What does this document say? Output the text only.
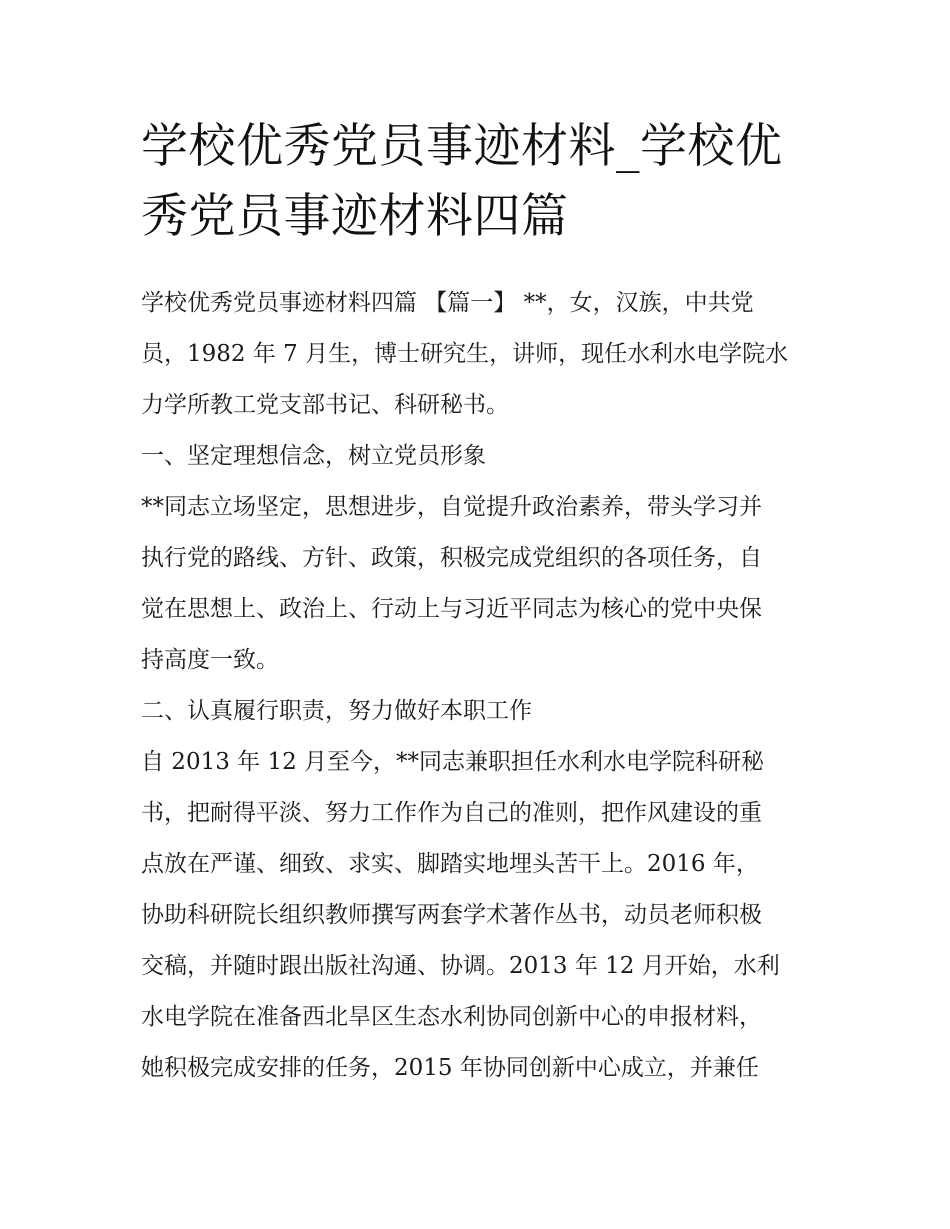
学校优秀党员事迹材料_学校优
秀党员事迹材料四篇
学校优秀党员事迹材料四篇 【篇一】 **，女，汉族，中共党
员，1982 年 7 月生，博士研究生，讲师，现任水利水电学院水
力学所教工党支部书记、科研秘书。
一、坚定理想信念，树立党员形象
**同志立场坚定，思想进步，自觉提升政治素养，带头学习并
执行党的路线、方针、政策，积极完成党组织的各项任务，自
觉在思想上、政治上、行动上与习近平同志为核心的党中央保
持高度一致。
二、认真履行职责，努力做好本职工作
自 2013 年 12 月至今，**同志兼职担任水利水电学院科研秘
书，把耐得平淡、努力工作作为自己的准则，把作风建设的重
点放在严谨、细致、求实、脚踏实地埋头苦干上。2016 年，
协助科研院长组织教师撰写两套学术著作丛书，动员老师积极
交稿，并随时跟出版社沟通、协调。2013 年 12 月开始，水利
水电学院在准备西北旱区生态水利协同创新中心的申报材料，
她积极完成安排的任务，2015 年协同创新中心成立，并兼任
